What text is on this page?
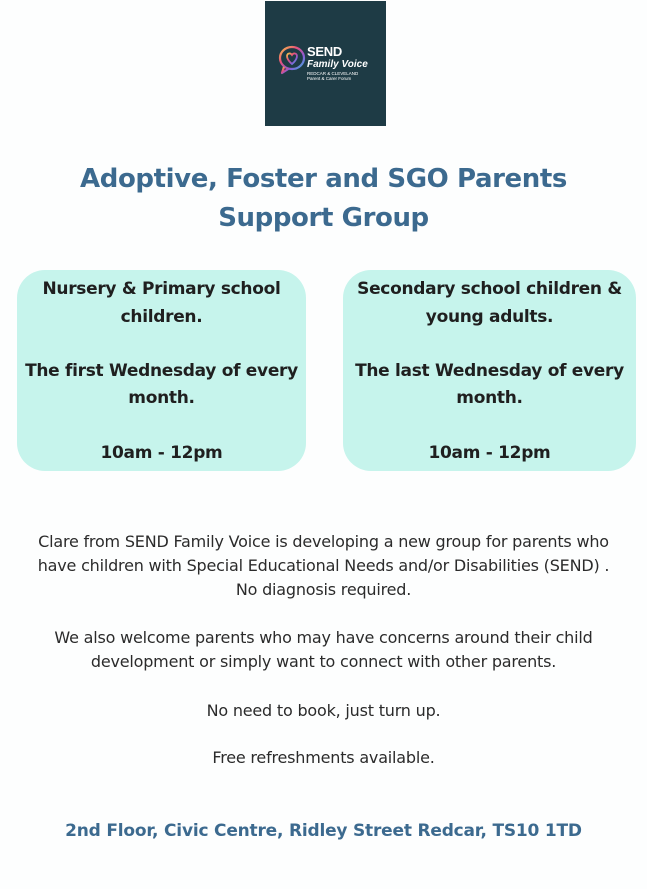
SEND
Family Voice
REDCAR & CLEVELAND
Parent & Carer Forum
Adoptive, Foster and SGO Parents
Support Group
Nursery & Primary school
children.
The first Wednesday of every
month.
10am - 12pm
Secondary school children &
young adults.
The last Wednesday of every
month.
10am - 12pm
Clare from SEND Family Voice is developing a new group for parents who
have children with Special Educational Needs and/or Disabilities (SEND) .
No diagnosis required.
We also welcome parents who may have concerns around their child
development or simply want to connect with other parents.
No need to book, just turn up.
Free refreshments available.
2nd Floor, Civic Centre, Ridley Street Redcar, TS10 1TD
